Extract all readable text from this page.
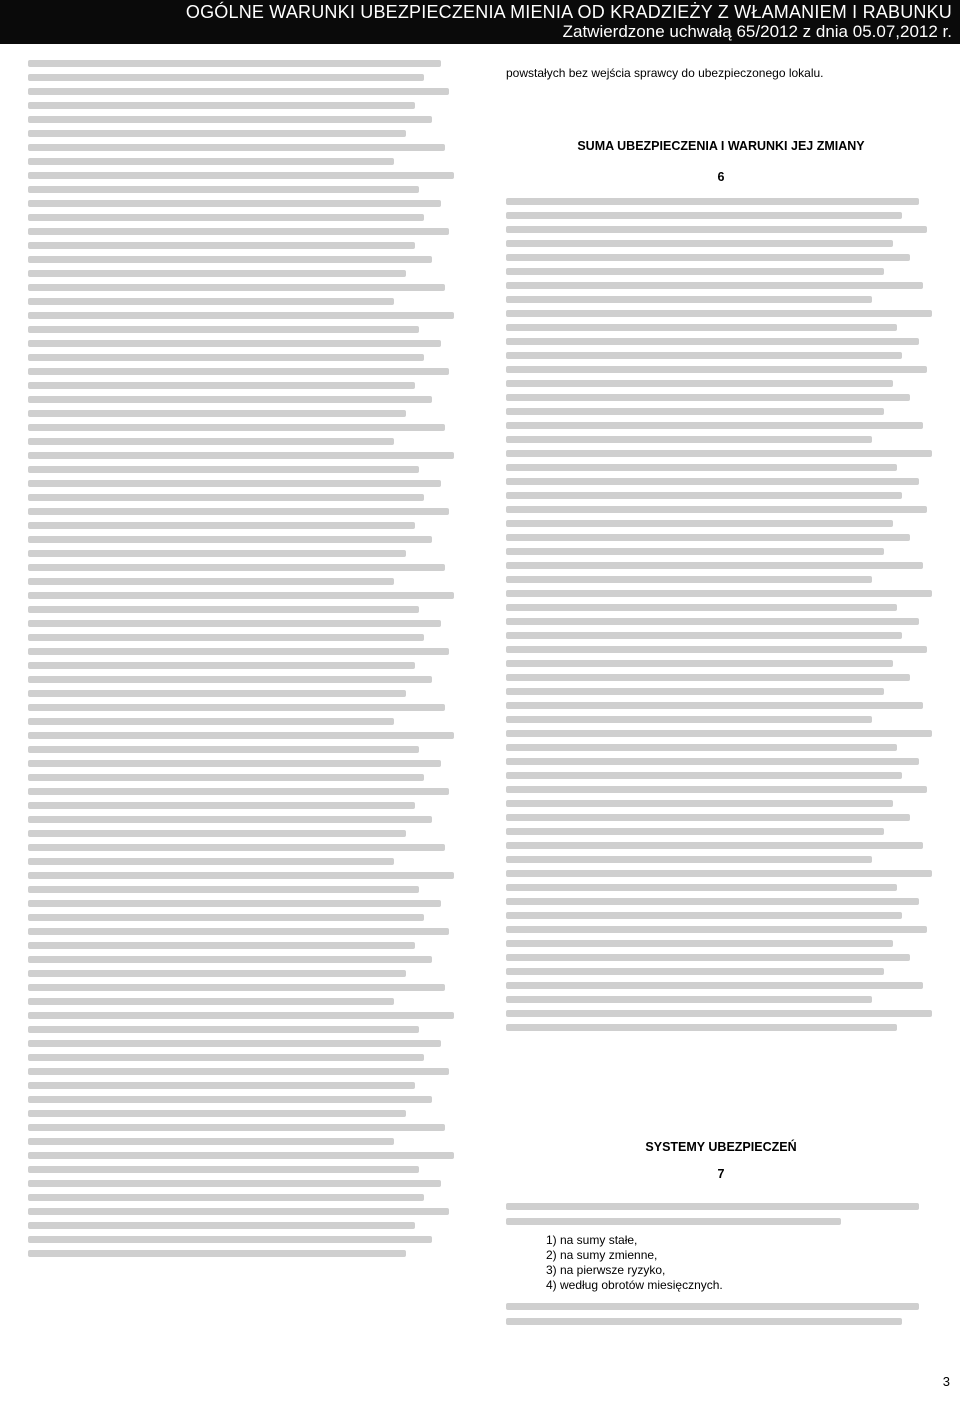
OGÓLNE WARUNKI UBEZPIECZENIA MIENIA OD KRADZIEŻY Z WŁAMANIEM I RABUNKU
Zatwierdzone uchwałą 65/2012 z dnia 05.07,2012 r.
powstałych bez wejścia sprawcy do ubezpieczonego lokalu.
SUMA UBEZPIECZENIA I WARUNKI JEJ ZMIANY
6
SYSTEMY UBEZPIECZEŃ
7
1) na sumy stałe,
2) na sumy zmienne,
3) na pierwsze ryzyko,
4) według obrotów miesięcznych.
3
